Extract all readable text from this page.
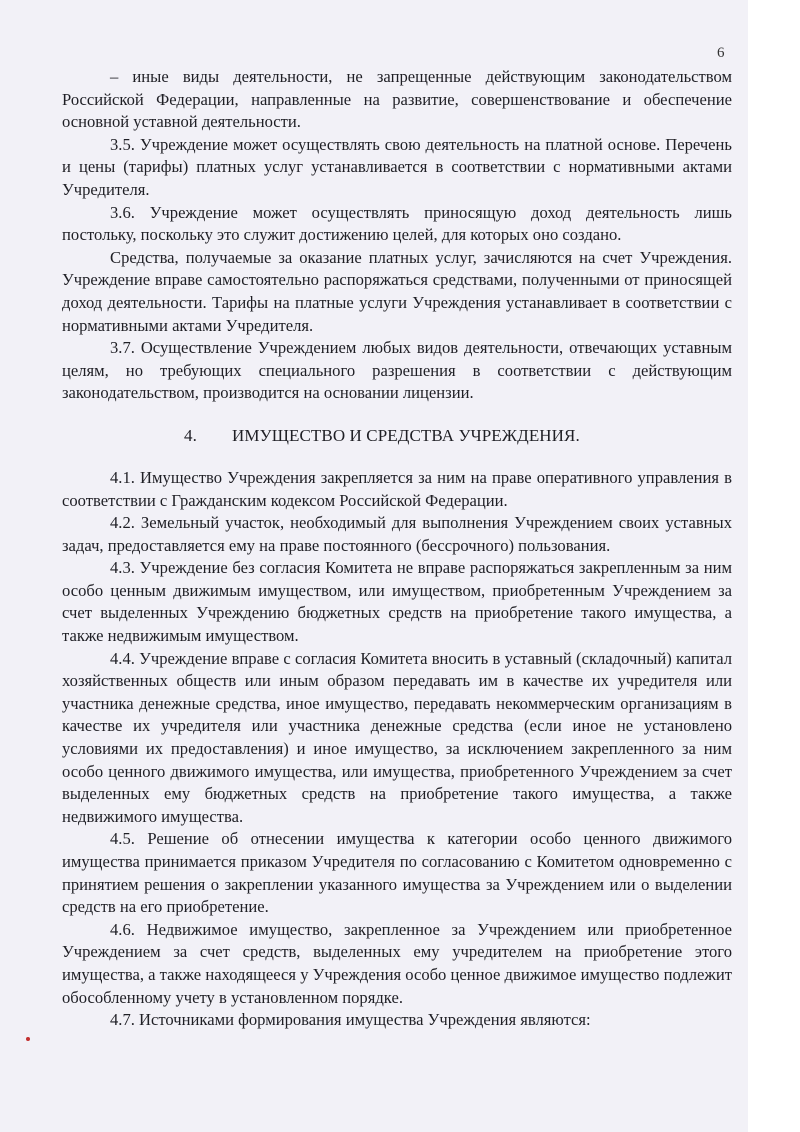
6

– иные виды деятельности, не запрещенные действующим законодательством Российской Федерации, направленные на развитие, совершенствование и обеспечение основной уставной деятельности.

3.5. Учреждение может осуществлять свою деятельность на платной основе. Перечень и цены (тарифы) платных услуг устанавливается в соответствии с нормативными актами Учредителя.

3.6. Учреждение может осуществлять приносящую доход деятельность лишь постольку, поскольку это служит достижению целей, для которых оно создано.

Средства, получаемые за оказание платных услуг, зачисляются на счет Учреждения. Учреждение вправе самостоятельно распоряжаться средствами, полученными от приносящей доход деятельности. Тарифы на платные услуги Учреждения устанавливает в соответствии с нормативными актами Учредителя.

3.7. Осуществление Учреждением любых видов деятельности, отвечающих уставным целям, но требующих специального разрешения в соответствии с действующим законодательством, производится на основании лицензии.

4. ИМУЩЕСТВО И СРЕДСТВА УЧРЕЖДЕНИЯ.

4.1. Имущество Учреждения закрепляется за ним на праве оперативного управления в соответствии с Гражданским кодексом Российской Федерации.

4.2. Земельный участок, необходимый для выполнения Учреждением своих уставных задач, предоставляется ему на праве постоянного (бессрочного) пользования.

4.3. Учреждение без согласия Комитета не вправе распоряжаться закрепленным за ним особо ценным движимым имуществом, или имуществом, приобретенным Учреждением за счет выделенных Учреждению бюджетных средств на приобретение такого имущества, а также недвижимым имуществом.

4.4. Учреждение вправе с согласия Комитета вносить в уставный (складочный) капитал хозяйственных обществ или иным образом передавать им в качестве их учредителя или участника денежные средства, иное имущество, передавать некоммерческим организациям в качестве их учредителя или участника денежные средства (если иное не установлено условиями их предоставления) и иное имущество, за исключением закрепленного за ним особо ценного движимого имущества, или имущества, приобретенного Учреждением за счет выделенных ему бюджетных средств на приобретение такого имущества, а также недвижимого имущества.

4.5. Решение об отнесении имущества к категории особо ценного движимого имущества принимается приказом Учредителя по согласованию с Комитетом одновременно с принятием решения о закреплении указанного имущества за Учреждением или о выделении средств на его приобретение.

4.6. Недвижимое имущество, закрепленное за Учреждением или приобретенное Учреждением за счет средств, выделенных ему учредителем на приобретение этого имущества, а также находящееся у Учреждения особо ценное движимое имущество подлежит обособленному учету в установленном порядке.

4.7. Источниками формирования имущества Учреждения являются:
